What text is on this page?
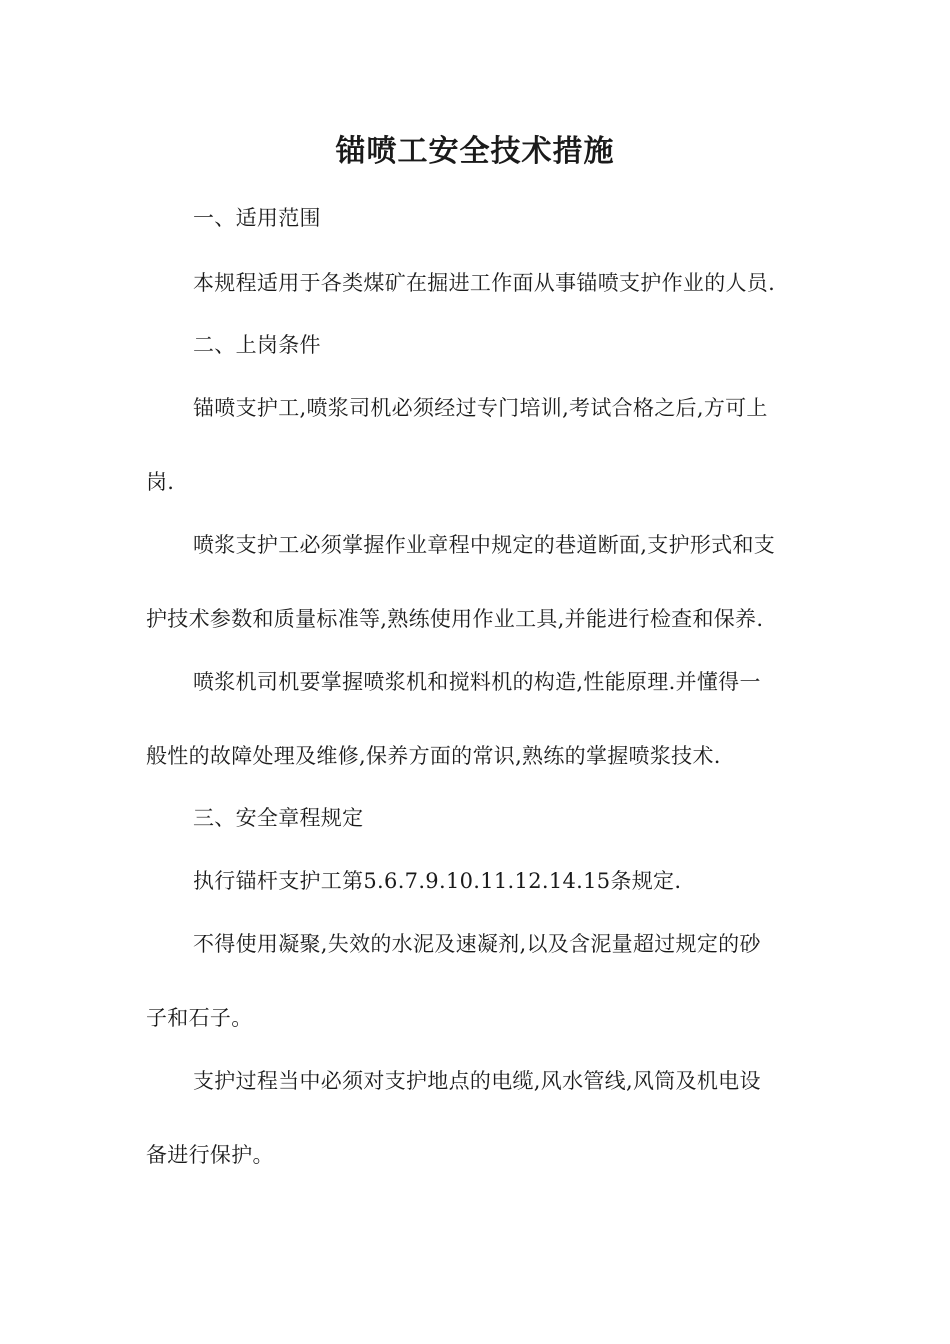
锚喷工安全技术措施
一、适用范围
本规程适用于各类煤矿在掘进工作面从事锚喷支护作业的人员.
二、上岗条件
锚喷支护工,喷浆司机必须经过专门培训,考试合格之后,方可上
岗.
喷浆支护工必须掌握作业章程中规定的巷道断面,支护形式和支
护技术参数和质量标准等,熟练使用作业工具,并能进行检查和保养.
喷浆机司机要掌握喷浆机和搅料机的构造,性能原理.并懂得一
般性的故障处理及维修,保养方面的常识,熟练的掌握喷浆技术.
三、安全章程规定
执行锚杆支护工第5.6.7.9.10.11.12.14.15条规定.
不得使用凝聚,失效的水泥及速凝剂,以及含泥量超过规定的砂
子和石子。
支护过程当中必须对支护地点的电缆,风水管线,风筒及机电设
备进行保护。
